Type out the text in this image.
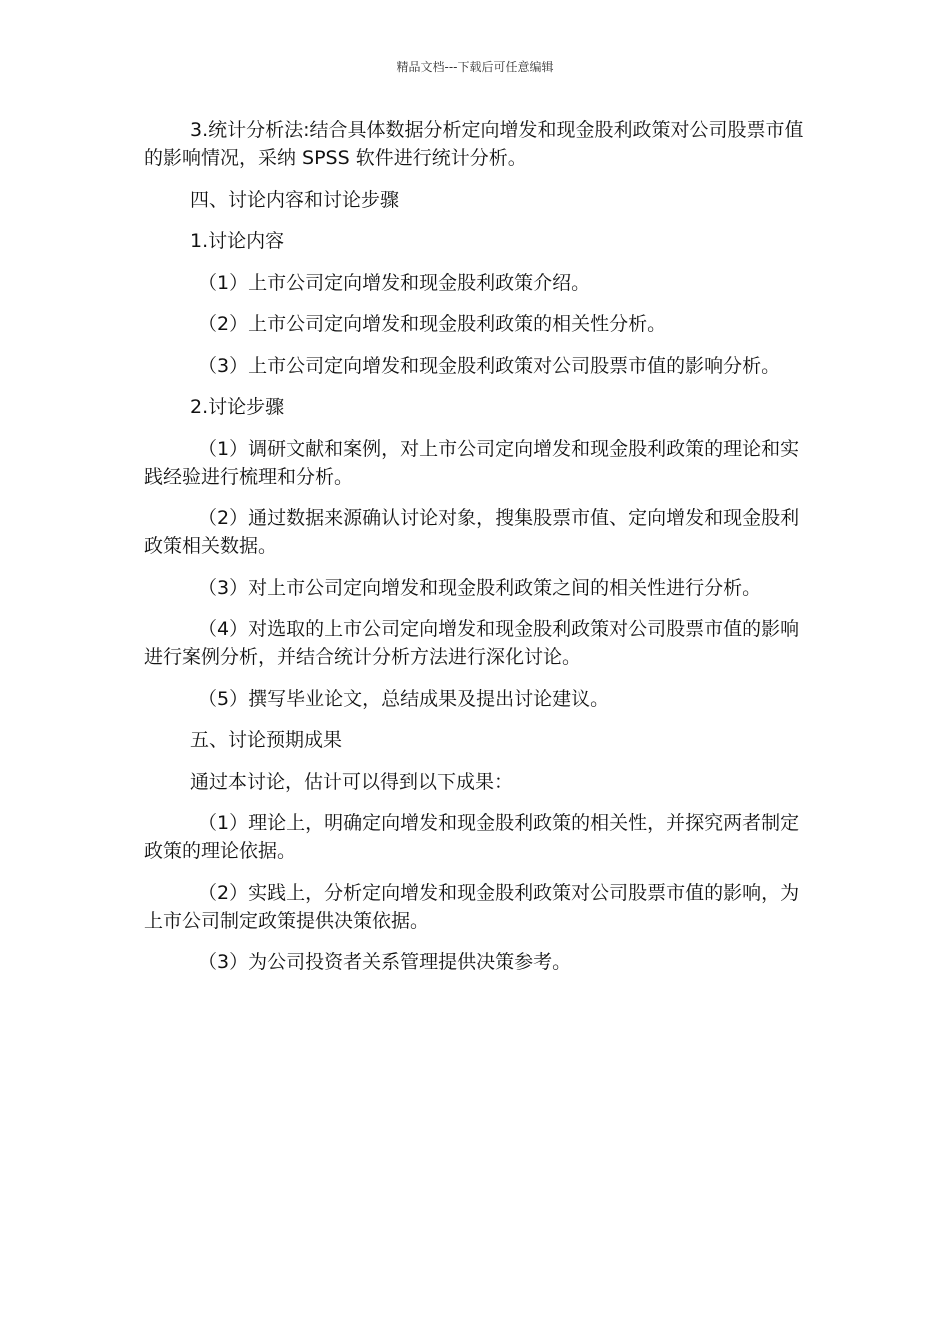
精品文档---下载后可任意编辑

3.统计分析法:结合具体数据分析定向增发和现金股利政策对公司股票市值的影响情况，采纳 SPSS 软件进行统计分析。

四、讨论内容和讨论步骤

1.讨论内容

（1）上市公司定向增发和现金股利政策介绍。

（2）上市公司定向增发和现金股利政策的相关性分析。

（3）上市公司定向增发和现金股利政策对公司股票市值的影响分析。

2.讨论步骤

（1）调研文献和案例，对上市公司定向增发和现金股利政策的理论和实践经验进行梳理和分析。

（2）通过数据来源确认讨论对象，搜集股票市值、定向增发和现金股利政策相关数据。

（3）对上市公司定向增发和现金股利政策之间的相关性进行分析。

（4）对选取的上市公司定向增发和现金股利政策对公司股票市值的影响进行案例分析，并结合统计分析方法进行深化讨论。

（5）撰写毕业论文，总结成果及提出讨论建议。

五、讨论预期成果

通过本讨论，估计可以得到以下成果：

（1）理论上，明确定向增发和现金股利政策的相关性，并探究两者制定政策的理论依据。

（2）实践上，分析定向增发和现金股利政策对公司股票市值的影响，为上市公司制定政策提供决策依据。

（3）为公司投资者关系管理提供决策参考。
